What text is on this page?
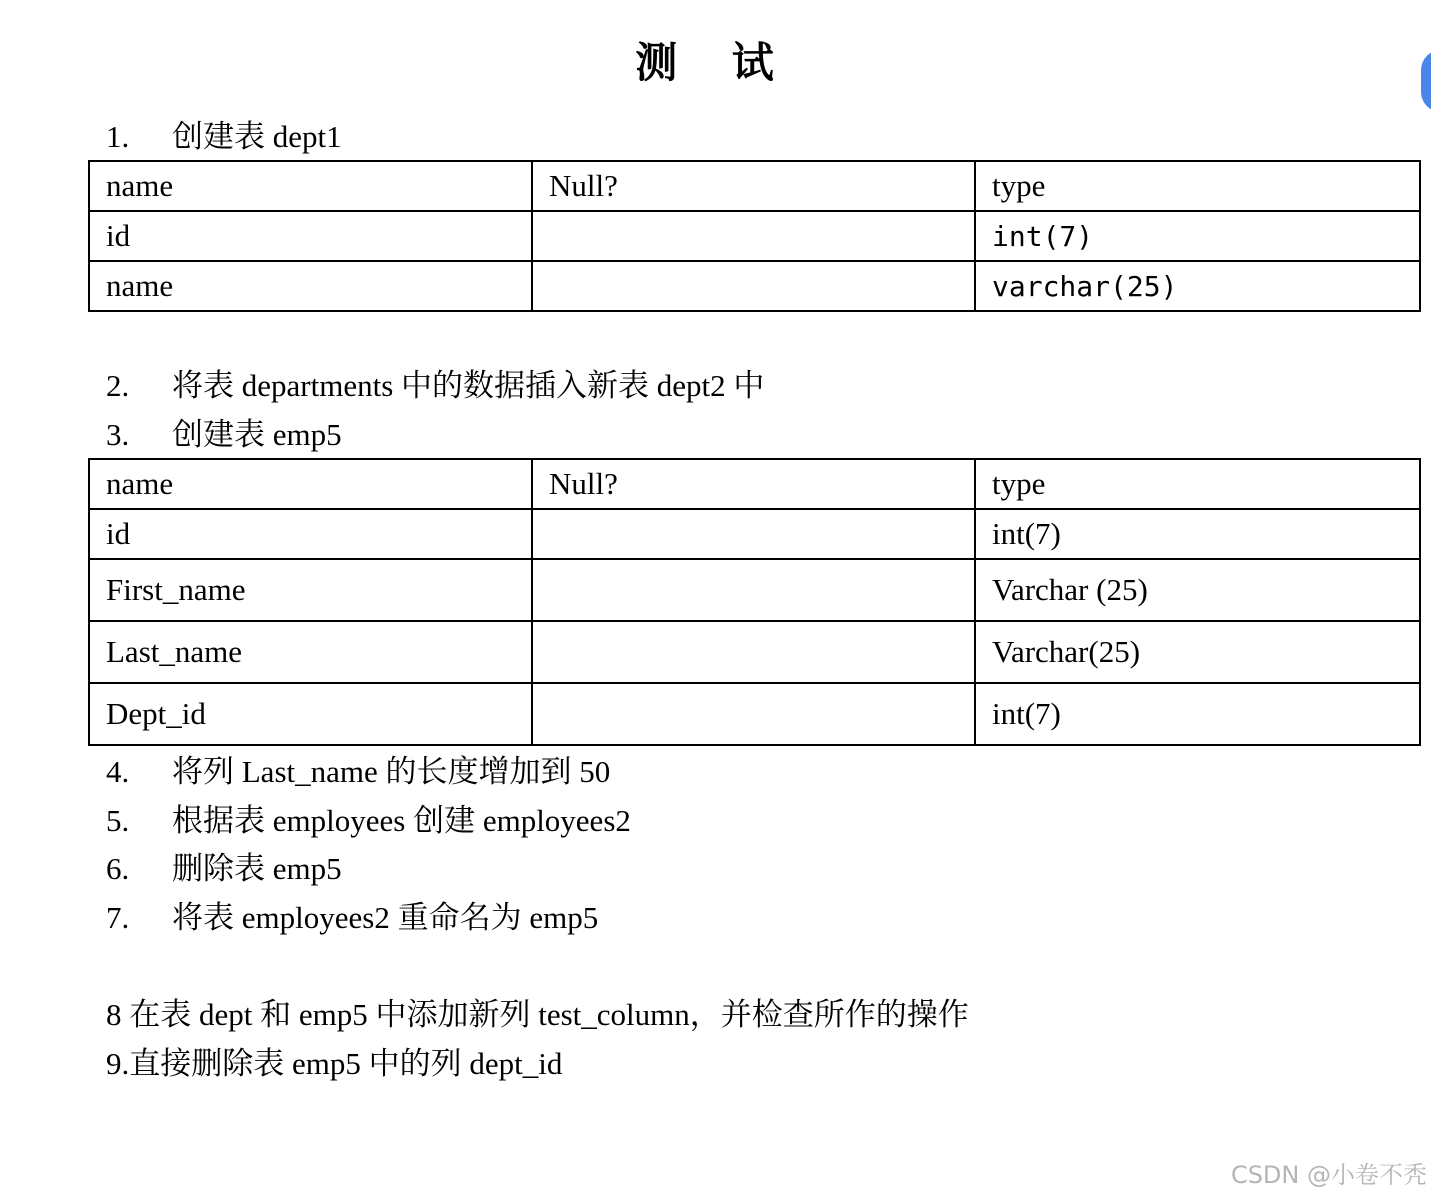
测 试
1. 创建表 dept1
name	Null?	type
id		int(7)
name		varchar(25)
2. 将表 departments 中的数据插入新表 dept2 中
3. 创建表 emp5
name	Null?	type
id		int(7)
First_name		Varchar (25)
Last_name		Varchar(25)
Dept_id		int(7)
4. 将列 Last_name 的长度增加到 50
5. 根据表 employees 创建 employees2
6. 删除表 emp5
7. 将表 employees2 重命名为 emp5
8 在表 dept 和 emp5 中添加新列 test_column，并检查所作的操作
9.直接删除表 emp5 中的列 dept_id
CSDN @小卷不秃
